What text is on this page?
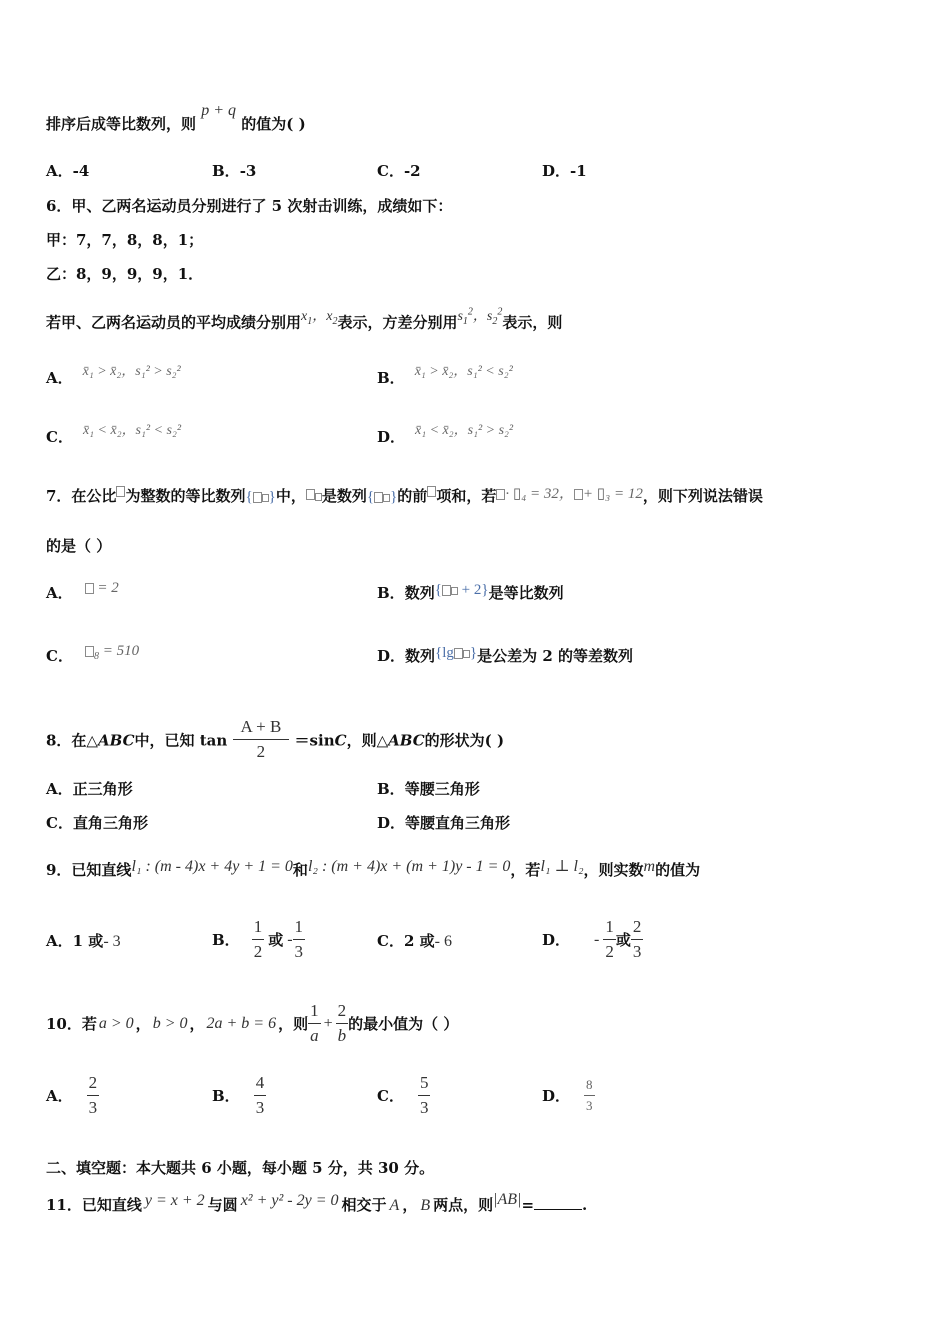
排序后成等比数列，则 p + q 的值为( )
A．-4	B．-3	C．-2	D．-1
6．甲、乙两名运动员分别进行了 5 次射击训练，成绩如下：
甲：7，7，8，8，1；
乙：8，9，9，9，1．
若甲、乙两名运动员的平均成绩分别用$x_1$，$x_2$表示，方差分别用$s_1^2$，$s_2^2$表示，则
A． x̄₁ > x̄₂，s₁² > s₂²	B． x̄₁ > x̄₂，s₁² < s₂²
C． x̄₁ < x̄₂，s₁² < s₂²	D． x̄₁ < x̄₂，s₁² > s₂²
7．在公比 为整数的等比数列{ }中， 是数列{ }的前 项和，若 · ▯₄ = 32， + ▯₃ = 12，则下列说法错误
的是（ ）
A． = 2	B．数列{ + 2}是等比数列
C． $_8$ = 510	D．数列{lg }是公差为 2 的等差数列
8．在△ABC中，已知 $\tan \frac{A + B}{2} =\sin C$，则△ABC的形状为( )
A．正三角形	B．等腰三角形
C．直角三角形	D．等腰直角三角形
9．已知直线l₁ : (m - 4)x + 4y + 1 = 0和l₂ : (m + 4)x + (m + 1)y - 1 = 0，若l₁ ⊥ l₂，则实数m的值为
A．1 或- 3	B． $\frac{1}{2}$ 或 - $\frac{1}{3}$	C．2 或- 6	D． - $\frac{1}{2}$ 或 $\frac{2}{3}$
10．若 a > 0 ， b > 0 ， 2a + b = 6 ，则 $\frac{1}{a} + \frac{2}{b}$ 的最小值为（ ）
A． $\frac{2}{3}$	B． $\frac{4}{3}$	C． $\frac{5}{3}$	D． $\frac{8}{3}$
二、填空题：本大题共 6 小题，每小题 5 分，共 30 分。
11．已知直线 y = x + 2 与圆 x² + y² - 2y = 0 相交于 A ， B 两点，则|AB|=	.
